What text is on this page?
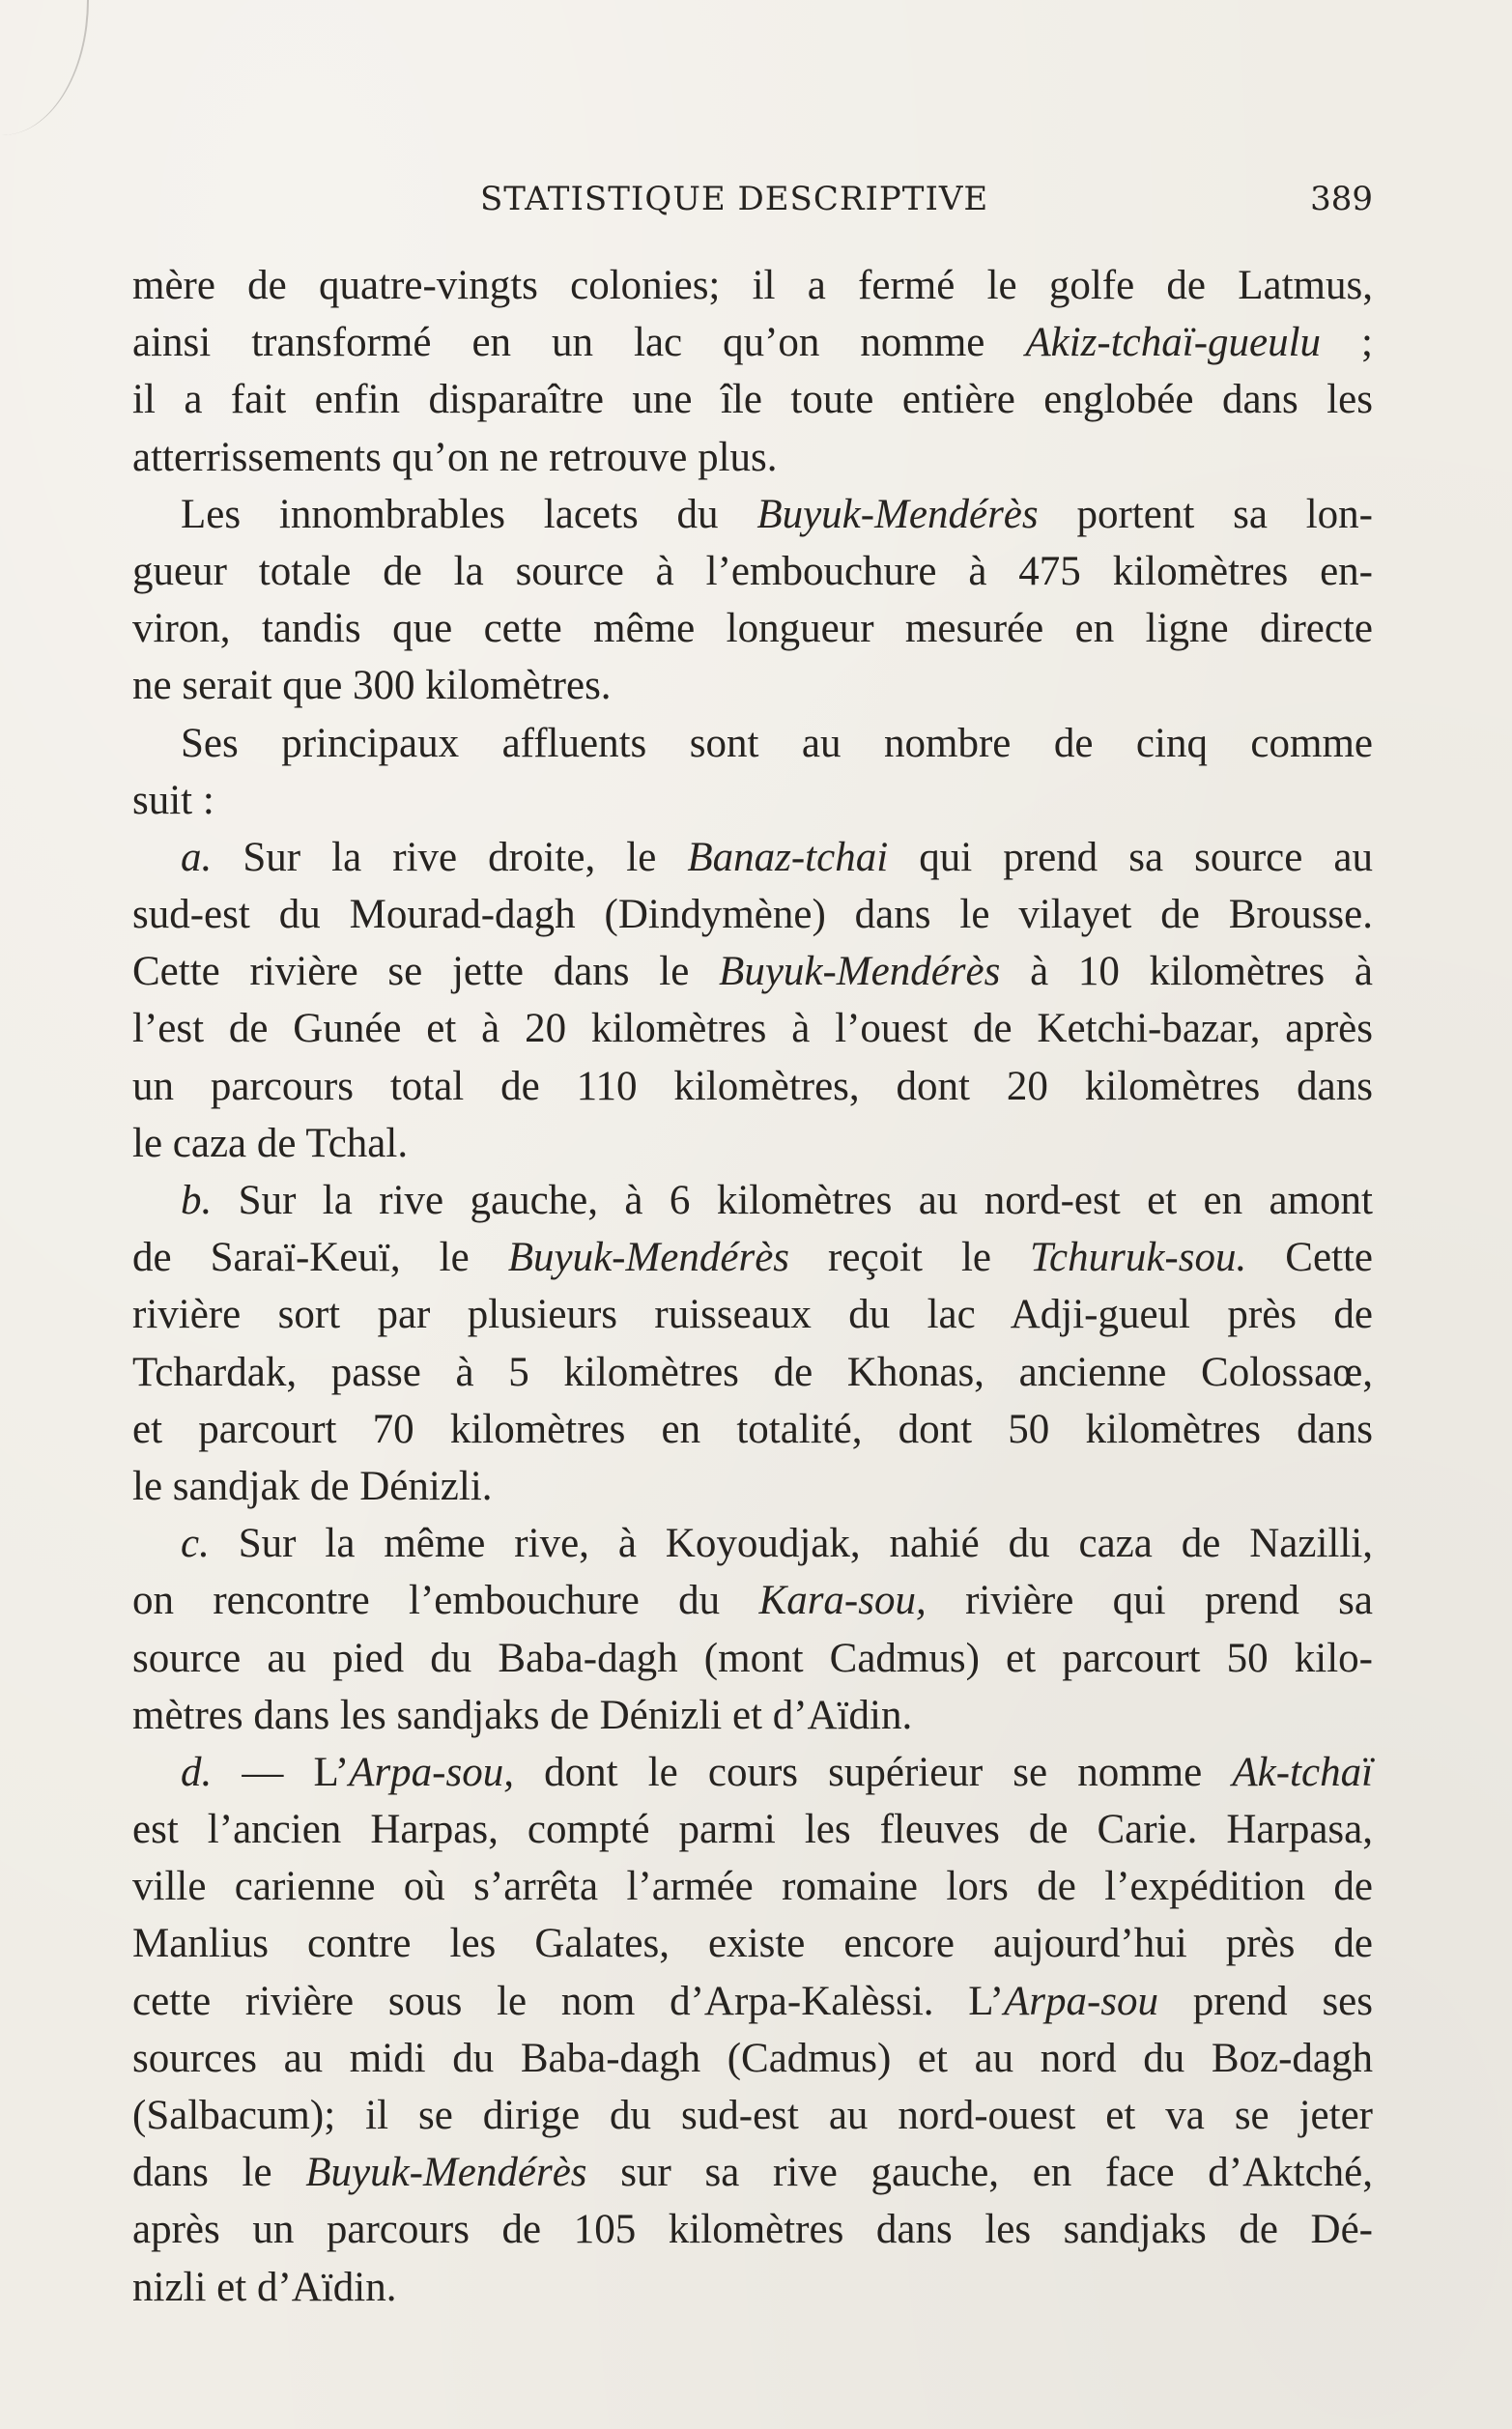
STATISTIQUE DESCRIPTIVE	389
mère de quatre-vingts colonies; il a fermé le golfe de Latmus,
ainsi transformé en un lac qu’on nomme Akiz-tchaï-gueulu ;
il a fait enfin disparaître une île toute entière englobée dans les
atterrissements qu’on ne retrouve plus.
Les innombrables lacets du Buyuk-Mendérès portent sa lon-
gueur totale de la source à l’embouchure à 475 kilomètres en-
viron, tandis que cette même longueur mesurée en ligne directe
ne serait que 300 kilomètres.
Ses principaux affluents sont au nombre de cinq comme
suit :
a. Sur la rive droite, le Banaz-tchai qui prend sa source au
sud-est du Mourad-dagh (Dindymène) dans le vilayet de Brousse.
Cette rivière se jette dans le Buyuk-Mendérès à 10 kilomètres à
l’est de Gunée et à 20 kilomètres à l’ouest de Ketchi-bazar, après
un parcours total de 110 kilomètres, dont 20 kilomètres dans
le caza de Tchal.
b. Sur la rive gauche, à 6 kilomètres au nord-est et en amont
de Saraï-Keuï, le Buyuk-Mendérès reçoit le Tchuruk-sou. Cette
rivière sort par plusieurs ruisseaux du lac Adji-gueul près de
Tchardak, passe à 5 kilomètres de Khonas, ancienne Colossaœ,
et parcourt 70 kilomètres en totalité, dont 50 kilomètres dans
le sandjak de Dénizli.
c. Sur la même rive, à Koyoudjak, nahié du caza de Nazilli,
on rencontre l’embouchure du Kara-sou, rivière qui prend sa
source au pied du Baba-dagh (mont Cadmus) et parcourt 50 kilo-
mètres dans les sandjaks de Dénizli et d’Aïdin.
d. — L’Arpa-sou, dont le cours supérieur se nomme Ak-tchaï
est l’ancien Harpas, compté parmi les fleuves de Carie. Harpasa,
ville carienne où s’arrêta l’armée romaine lors de l’expédition de
Manlius contre les Galates, existe encore aujourd’hui près de
cette rivière sous le nom d’Arpa-Kalèssi. L’Arpa-sou prend ses
sources au midi du Baba-dagh (Cadmus) et au nord du Boz-dagh
(Salbacum); il se dirige du sud-est au nord-ouest et va se jeter
dans le Buyuk-Mendérès sur sa rive gauche, en face d’Aktché,
après un parcours de 105 kilomètres dans les sandjaks de Dé-
nizli et d’Aïdin.
